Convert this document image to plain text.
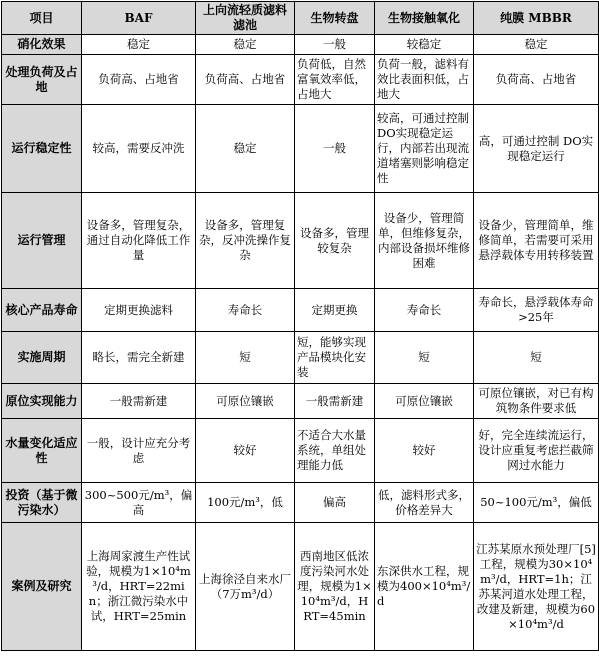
项目	BAF	上向流轻质滤料滤池	生物转盘	生物接触氧化	纯膜 MBBR
硝化效果	稳定	稳定	一般	较稳定	稳定
处理负荷及占地	负荷高、占地省	负荷高、占地省	负荷低，自然富氧效率低，占地大	负荷一般，滤料有效比表面积低，占地大	负荷高、占地省
运行稳定性	较高，需要反冲洗	稳定	一般	较高，可通过控制 DO实现稳定运行，内部若出现流道堵塞则影响稳定性	高，可通过控制 DO实现稳定运行
运行管理	设备多，管理复杂，通过自动化降低工作量	设备多，管理复杂，反冲洗操作复杂	设备多，管理较复杂	设备少，管理简单，但维修复杂，内部设备损坏维修困难	设备少，管理简单，维修简单，若需要可采用悬浮载体专用转移装置
核心产品寿命	定期更换滤料	寿命长	定期更换	寿命长	寿命长，悬浮载体寿命>25年
实施周期	略长，需完全新建	短	短，能够实现产品模块化安装	短	短
原位实现能力	一般需新建	可原位镶嵌	一般需新建	可原位镶嵌	可原位镶嵌，对已有构筑物条件要求低
水量变化适应性	一般，设计应充分考虑	较好	不适合大水量系统，单组处理能力低	较好	好，完全连续流运行，设计应重复考虑拦截筛网过水能力
投资（基于微污染水）	300~500元/m³，偏高	100元/m³，低	偏高	低，滤料形式多，价格差异大	50~100元/m³，偏低
案例及研究	上海周家渡生产性试验，规模为1×10⁴m³/d，HRT=22min；浙江微污染水中试，HRT=25min	上海徐泾自来水厂（7万m³/d）	西南地区低浓度污染河水处理，规模为1×10⁴m³/d，HRT=45min	东深供水工程，规模为400×10⁴m³/d	江苏某原水预处理厂[5]工程，规模为30×10⁴m³/d，HRT=1h；江苏某河道水处理工程，改建及新建，规模为60×10⁴m³/d
